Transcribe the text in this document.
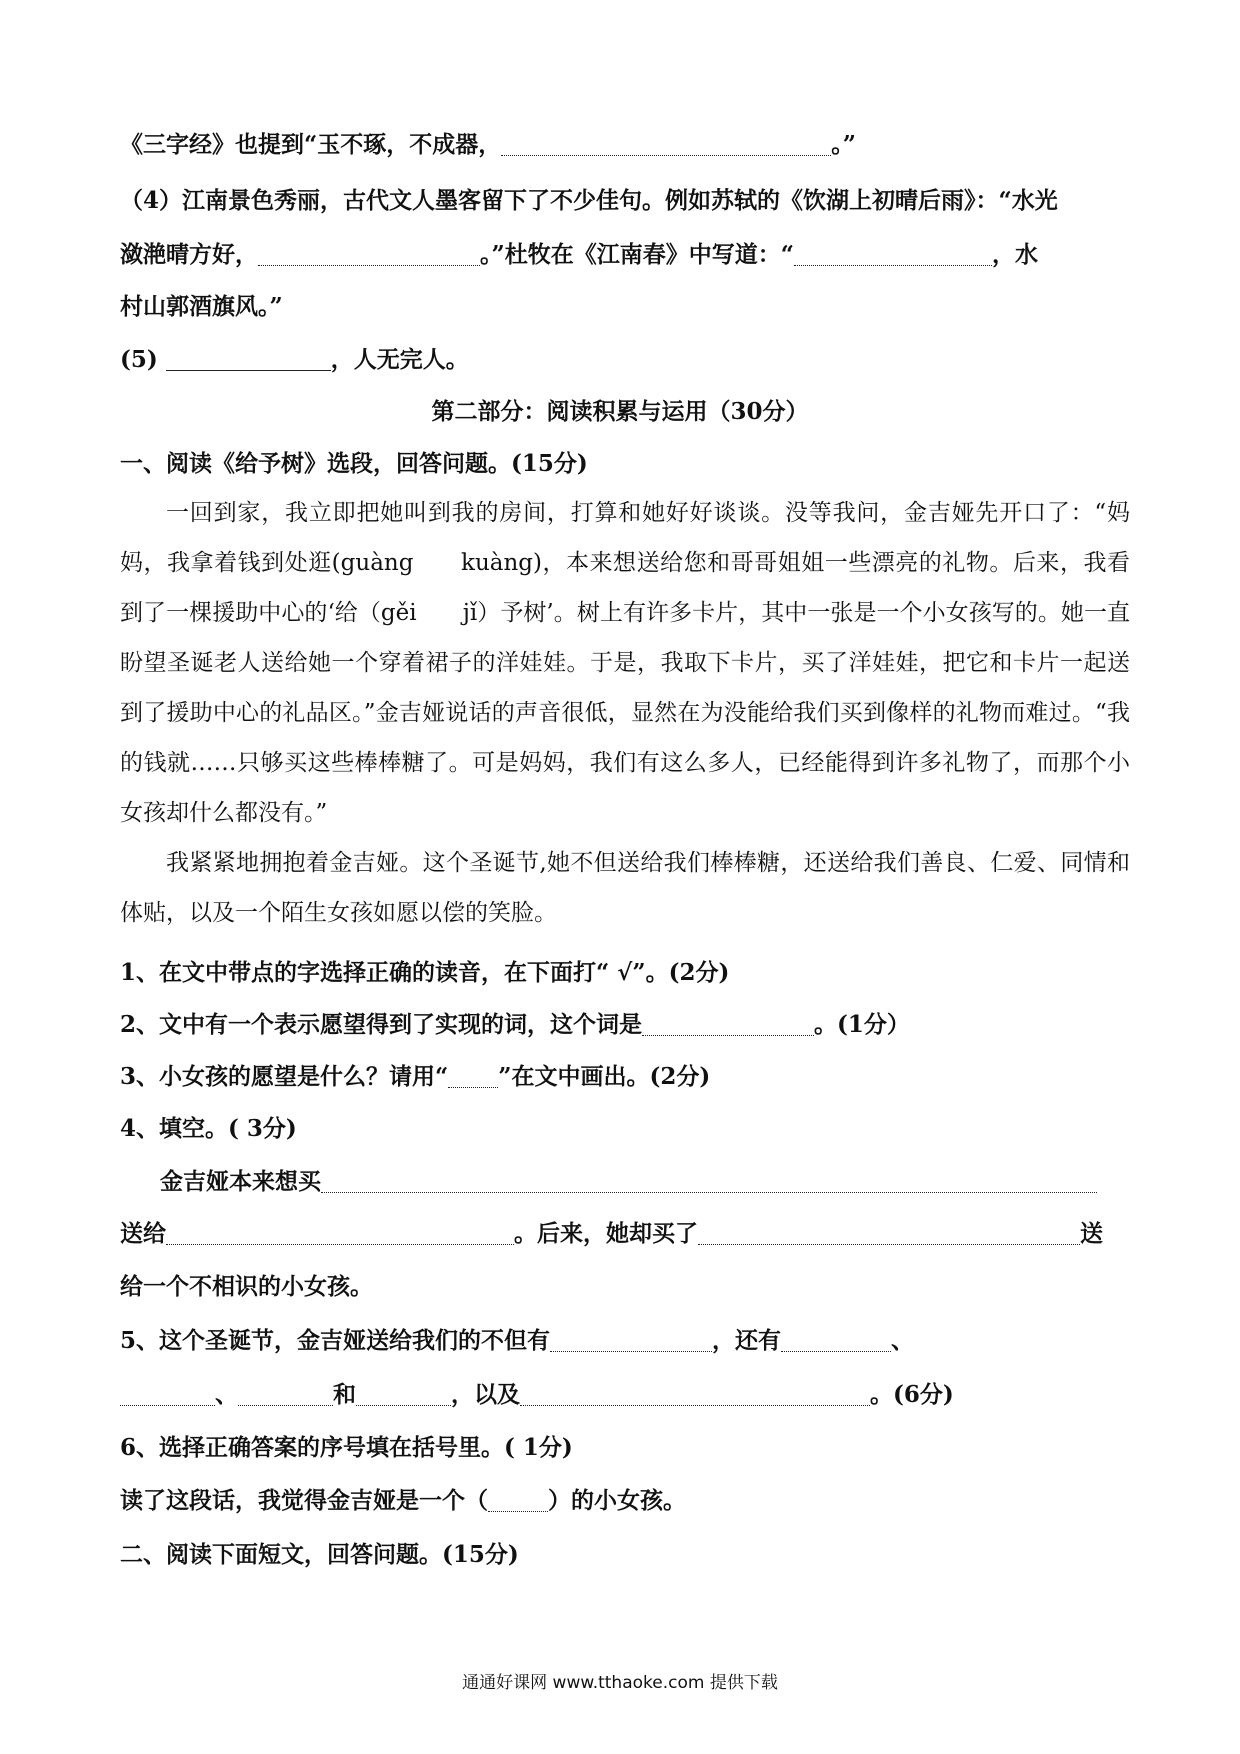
《三字经》也提到“玉不琢，不成器，	。”
（4）江南景色秀丽，古代文人墨客留下了不少佳句。例如苏轼的《饮湖上初晴后雨》：“水光
潋滟晴方好，	。”杜牧在《江南春》中写道：“	，水
村山郭酒旗风。”
(5)	，人无完人。
第二部分：阅读积累与运用（30分）
一、阅读《给予树》选段，回答问题。(15分)

一回到家，我立即把她叫到我的房间，打算和她好好谈谈。没等我问，金吉娅先开口了：“妈妈，我拿着钱到处逛(guàng　　kuàng)，本来想送给您和哥哥姐姐一些漂亮的礼物。后来，我看到了一棵援助中心的‘给（gěi　　jǐ）予树’。树上有许多卡片，其中一张是一个小女孩写的。她一直盼望圣诞老人送给她一个穿着裙子的洋娃娃。于是，我取下卡片，买了洋娃娃，把它和卡片一起送到了援助中心的礼品区。”金吉娅说话的声音很低，显然在为没能给我们买到像样的礼物而难过。“我的钱就……只够买这些棒棒糖了。可是妈妈，我们有这么多人，已经能得到许多礼物了，而那个小女孩却什么都没有。”

我紧紧地拥抱着金吉娅。这个圣诞节,她不但送给我们棒棒糖，还送给我们善良、仁爱、同情和体贴，以及一个陌生女孩如愿以偿的笑脸。

1、在文中带点的字选择正确的读音，在下面打“ √”。(2分)
2、文中有一个表示愿望得到了实现的词，这个词是	。(1分）
3、小女孩的愿望是什么？请用“ ”在文中画出。(2分)
4、填空。( 3分)
金吉娅本来想买
送给	。后来，她却买了	送
给一个不相识的小女孩。
5、这个圣诞节，金吉娅送给我们的不但有	，还有	、
、	和	，以及	。(6分)
6、选择正确答案的序号填在括号里。( 1分)
读了这段话，我觉得金吉娅是一个（	）的小女孩。
二、阅读下面短文，回答问题。(15分)
通通好课网 www.tthaoke.com 提供下载
